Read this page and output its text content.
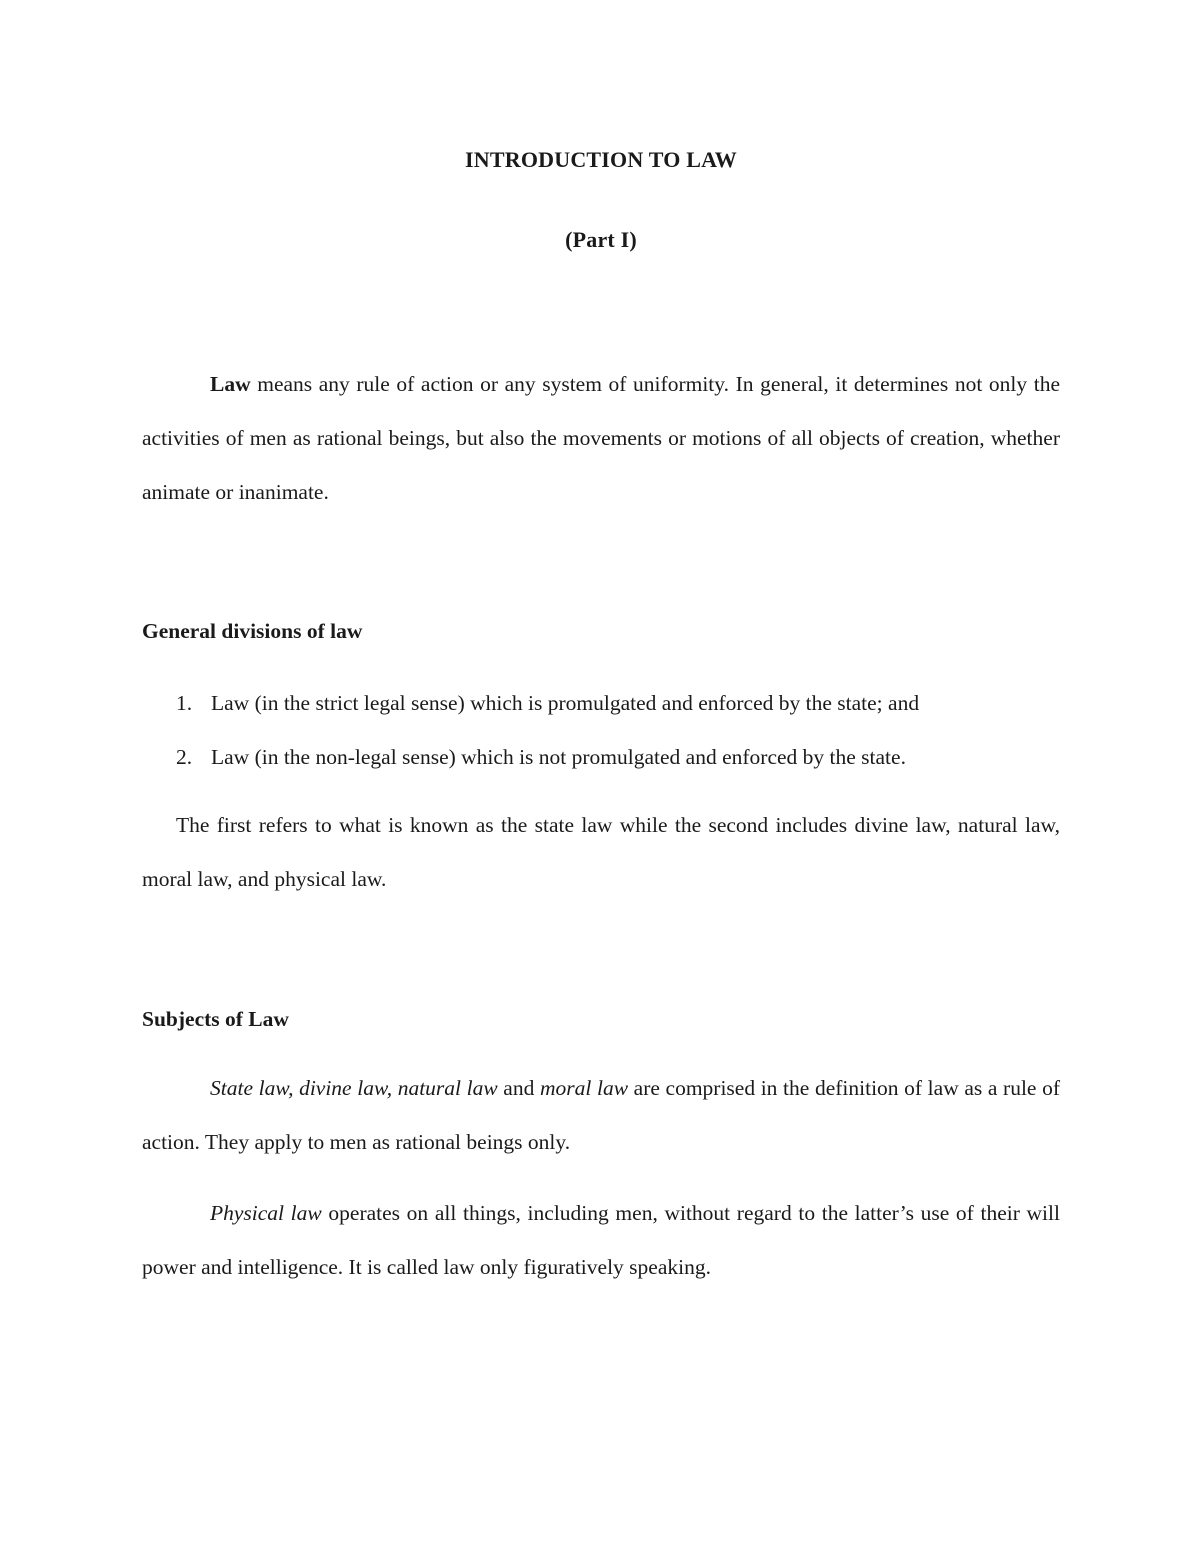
INTRODUCTION TO LAW
(Part I)

Law means any rule of action or any system of uniformity. In general, it determines not only the activities of men as rational beings, but also the movements or motions of all objects of creation, whether animate or inanimate.

General divisions of law

1. Law (in the strict legal sense) which is promulgated and enforced by the state; and
2. Law (in the non-legal sense) which is not promulgated and enforced by the state.

The first refers to what is known as the state law while the second includes divine law, natural law, moral law, and physical law.

Subjects of Law

State law, divine law, natural law and moral law are comprised in the definition of law as a rule of action. They apply to men as rational beings only.

Physical law operates on all things, including men, without regard to the latter’s use of their will power and intelligence. It is called law only figuratively speaking.
